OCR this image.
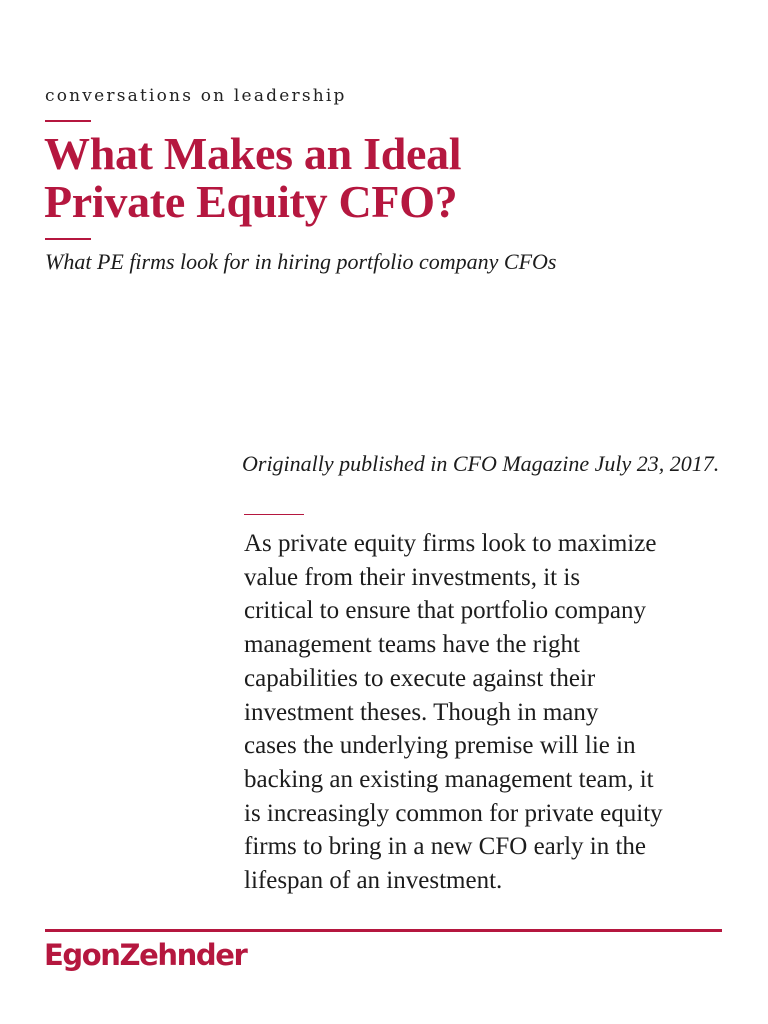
conversations on leadership
What Makes an Ideal
Private Equity CFO?
What PE firms look for in hiring portfolio company CFOs
Originally published in CFO Magazine July 23, 2017.
As private equity firms look to maximize
value from their investments, it is
critical to ensure that portfolio company
management teams have the right
capabilities to execute against their
investment theses. Though in many
cases the underlying premise will lie in
backing an existing management team, it
is increasingly common for private equity
firms to bring in a new CFO early in the
lifespan of an investment.
EgonZehnder
